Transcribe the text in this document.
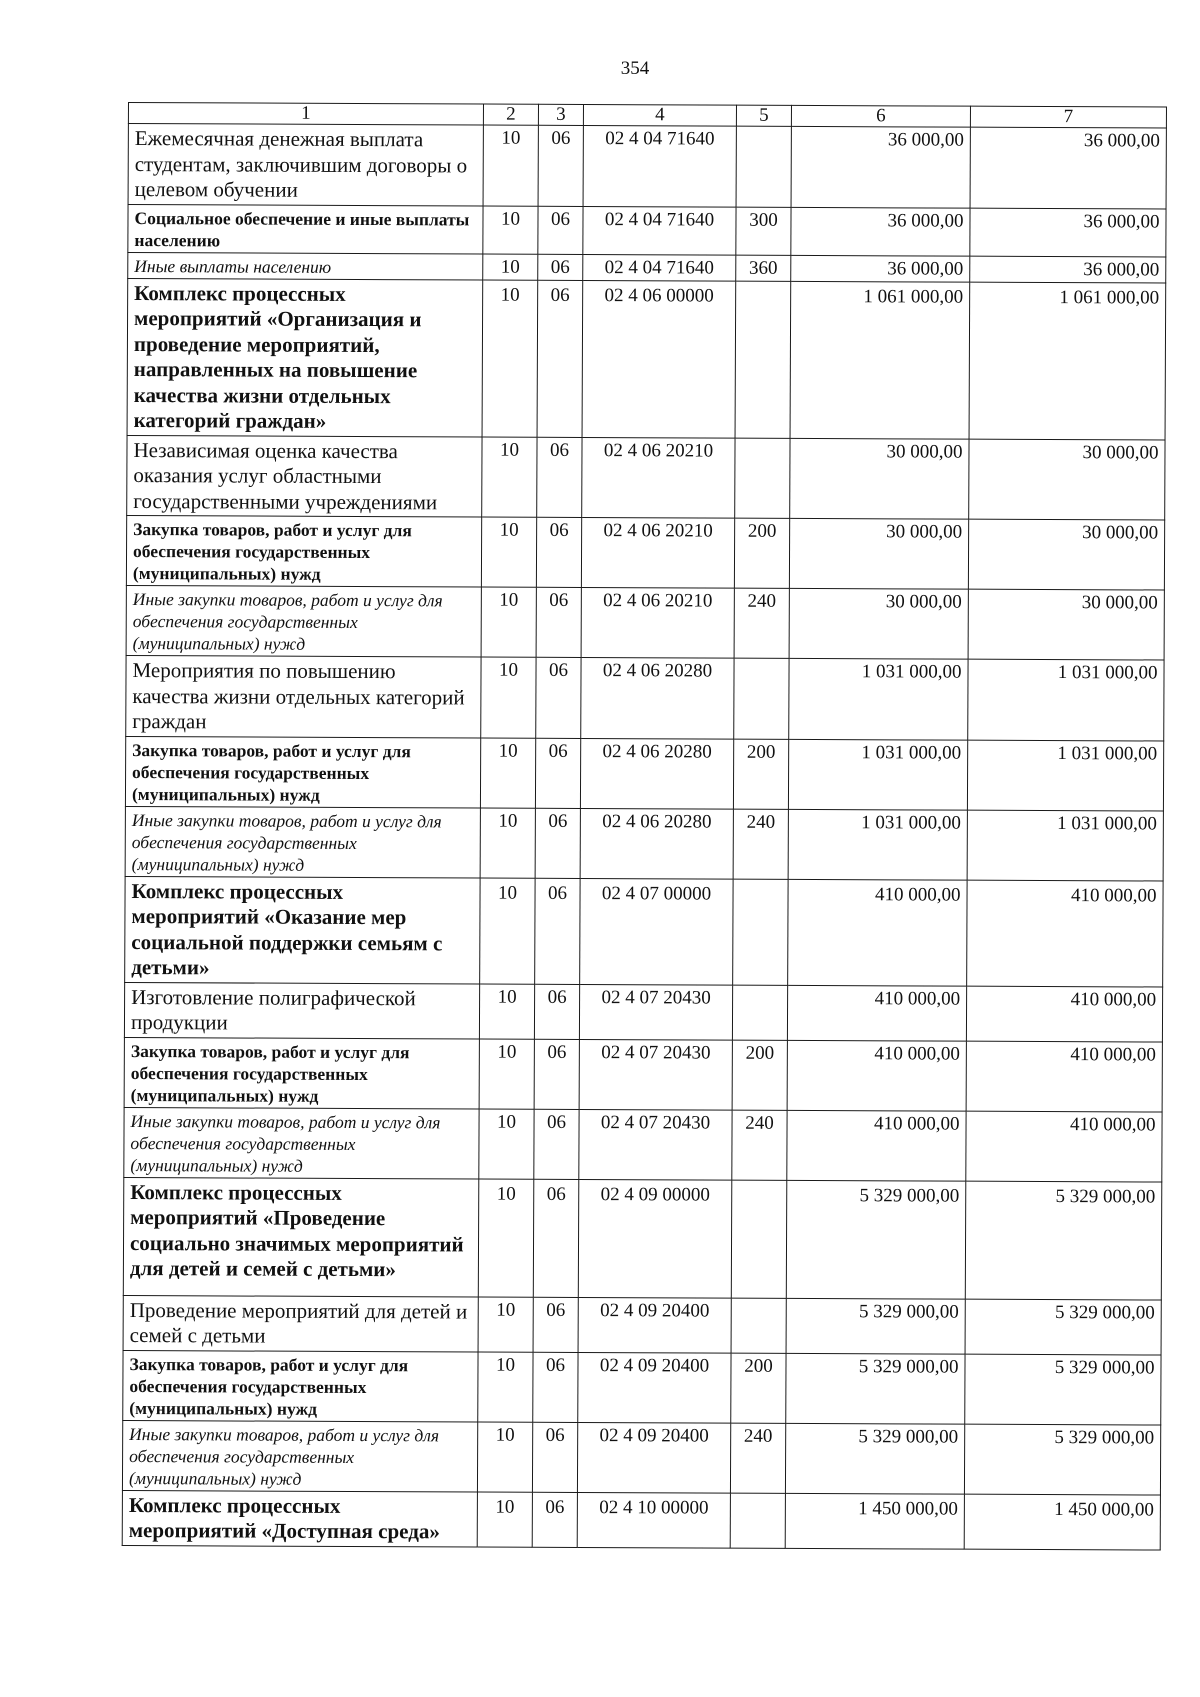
354
1	2	3	4	5	6	7
Ежемесячная денежная выплата студентам, заключившим договоры о целевом обучении	10	06	02 4 04 71640		36 000,00	36 000,00
Социальное обеспечение и иные выплаты населению	10	06	02 4 04 71640	300	36 000,00	36 000,00
Иные выплаты населению	10	06	02 4 04 71640	360	36 000,00	36 000,00
Комплекс процессных мероприятий «Организация и проведение мероприятий, направленных на повышение качества жизни отдельных категорий граждан»	10	06	02 4 06 00000		1 061 000,00	1 061 000,00
Независимая оценка качества оказания услуг областными государственными учреждениями	10	06	02 4 06 20210		30 000,00	30 000,00
Закупка товаров, работ и услуг для обеспечения государственных (муниципальных) нужд	10	06	02 4 06 20210	200	30 000,00	30 000,00
Иные закупки товаров, работ и услуг для обеспечения государственных (муниципальных) нужд	10	06	02 4 06 20210	240	30 000,00	30 000,00
Мероприятия по повышению качества жизни отдельных категорий граждан	10	06	02 4 06 20280		1 031 000,00	1 031 000,00
Закупка товаров, работ и услуг для обеспечения государственных (муниципальных) нужд	10	06	02 4 06 20280	200	1 031 000,00	1 031 000,00
Иные закупки товаров, работ и услуг для обеспечения государственных (муниципальных) нужд	10	06	02 4 06 20280	240	1 031 000,00	1 031 000,00
Комплекс процессных мероприятий «Оказание мер социальной поддержки семьям с детьми»	10	06	02 4 07 00000		410 000,00	410 000,00
Изготовление полиграфической продукции	10	06	02 4 07 20430		410 000,00	410 000,00
Закупка товаров, работ и услуг для обеспечения государственных (муниципальных) нужд	10	06	02 4 07 20430	200	410 000,00	410 000,00
Иные закупки товаров, работ и услуг для обеспечения государственных (муниципальных) нужд	10	06	02 4 07 20430	240	410 000,00	410 000,00
Комплекс процессных мероприятий «Проведение социально значимых мероприятий для детей и семей с детьми»	10	06	02 4 09 00000		5 329 000,00	5 329 000,00
Проведение мероприятий для детей и семей с детьми	10	06	02 4 09 20400		5 329 000,00	5 329 000,00
Закупка товаров, работ и услуг для обеспечения государственных (муниципальных) нужд	10	06	02 4 09 20400	200	5 329 000,00	5 329 000,00
Иные закупки товаров, работ и услуг для обеспечения государственных (муниципальных) нужд	10	06	02 4 09 20400	240	5 329 000,00	5 329 000,00
Комплекс процессных мероприятий «Доступная среда»	10	06	02 4 10 00000		1 450 000,00	1 450 000,00
